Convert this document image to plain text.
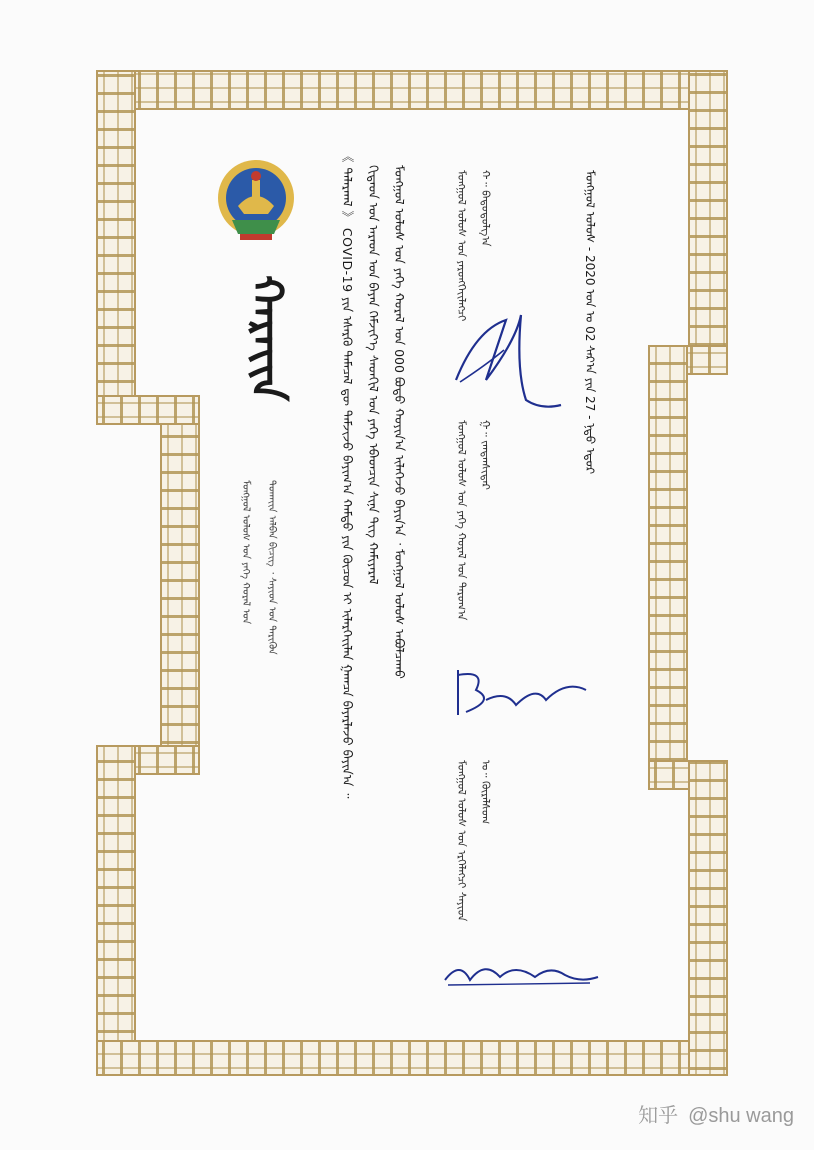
ᠬᠠᠷᠠᠶ᠋ᠢᠨ
ᠮᠣᠩᠭᠣᠯ ᠤᠯᠤᠰ ᠤᠨ ᠶᠡᠬᠡ ᠬᠤᠷᠠᠯ ᠤᠨ	ᠲᠤᠬᠠᠶ᠋ᠢᠨ ᠠᠯᠪᠠᠨ ᠪᠢᠴᠢᠭ ᠂ ᠰᠠᠶᠢᠳ ᠤᠨ ᠲᠡᠷᠢᠭᠦᠨ	《 ᠲᠠᠯᠠᠷᠬᠠᠯ 》 COVID-19 ᠶᠢᠨ ᠡᠰᠡᠷᠭᠦ ᠲᠡᠮᠡᠴᠡᠯ ᠳᠦ ᠳᠡᠮᠵᠢᠵᠦ ᠪᠠᠶᠢᠭ᠎ᠠ ᠬᠠᠮᠲᠤ ᠶᠢᠨ ᠬᠦᠴᠦᠨ ᠢ ᠢᠯᠡᠷᠬᠡᠶ᠋ᠢᠯᠡᠨ ᠭᠠᠭᠴᠠ ᠪᠠᠶᠠᠷᠯᠠᠵᠤ ᠪᠠᠶᠢᠨ᠎ᠠ ᠃ ᠬᠢᠲᠠᠳ ᠤᠨ ᠠᠷᠠᠳ ᠤᠨ ᠪᠠᠶᠠᠨ ᠬᠡᠮᠵᠢᠶ᠎ᠡ ᠰᠡᠳᠭᠢᠯ ᠤᠨ ᠶᠡᠬᠡ ᠡᠪᠡᠳᠴᠢᠨ ᠰᠢᠨᠡ ᠲᠢᠭ ᠬᠠᠮᠢᠶᠠᠷᠠᠯ ᠮᠣᠩᠭᠣᠯ ᠤᠯᠤᠰ ᠤᠨ ᠶᠡᠬᠡ ᠬᠤᠷᠠᠯ ᠤᠨ 000 ᠪᠣᠳᠣ ᠬᠣᠶᠢᠨ᠎ᠠ ᠢᠯᠡᠭᠡᠵᠦ ᠪᠠᠶᠢᠨ᠎ᠠ ᠂ ᠮᠣᠩᠭᠣᠯ ᠤᠯᠤᠰ ᠠᠪᠤᠯᠴᠠᠬᠤ	ᠮᠣᠩᠭᠣᠯ ᠤᠯᠤᠰ ᠤᠨ ᠶᠡᠷᠦᠩᠬᠡᠶ᠋ᠢᠯᠡᠭᠴᠢ ᠬ᠃ ᠪᠠᠲᠤᠲᠦᠯᠭ᠎ᠠ
ᠮᠣᠩᠭᠣᠯ ᠤᠯᠤᠰ ᠤᠨ ᠶᠡᠬᠡ ᠬᠤᠷᠠᠯ ᠤᠨ ᠳᠠᠷᠤᠭ᠎ᠠ ᠭ᠃ ᠵᠠᠨᠳᠠᠨᠰᠢᠲᠠᠷ
ᠮᠣᠩᠭᠣᠯ ᠤᠯᠤᠰ ᠤᠨ ᠡᠷᠬᠡᠯᠡᠭᠴᠢ ᠰᠠᠶᠢᠳ ᠤ᠃ ᠬᠦᠷᠡᠯᠰᠦᠬ
ᠮᠣᠩᠭᠣᠯ ᠤᠯᠤᠰ - 2020 ᠣᠨ ᠤ 02 ᠰᠠᠷ᠎ᠠ ᠶᠢᠨ 27 - ᠨᠳᠦ ᠡᠳᠦᠷ
知乎 @shu wang
